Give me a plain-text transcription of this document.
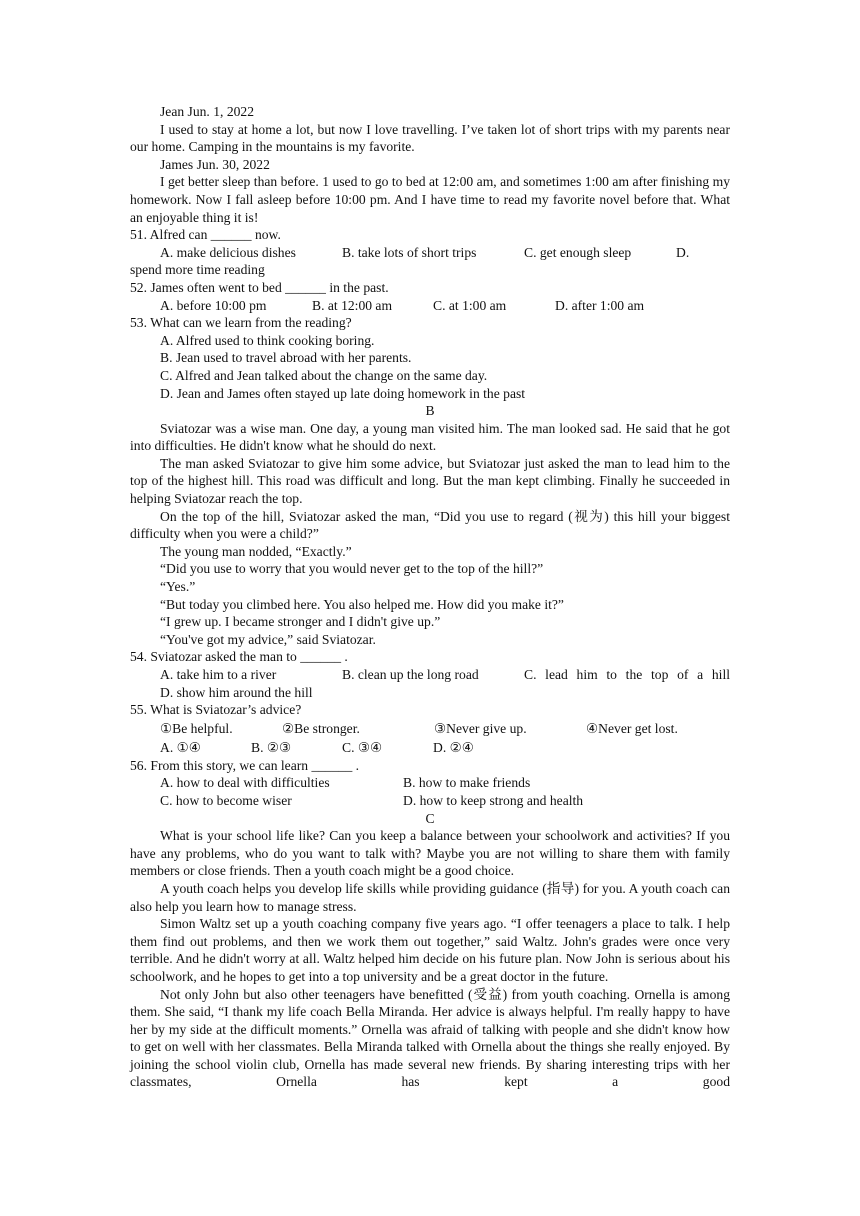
Jean Jun. 1, 2022

I used to stay at home a lot, but now I love travelling. I’ve taken lot of short trips with my parents near our home. Camping in the mountains is my favorite.

James Jun. 30, 2022

I get better sleep than before. 1 used to go to bed at 12:00 am, and sometimes 1:00 am after finishing my homework. Now I fall asleep before 10:00 pm. And I have time to read my favorite novel before that. What an enjoyable thing it is!

51. Alfred can ______ now.

A. make delicious dishes	B. take lots of short trips	C. get enough sleep	D.

spend more time reading

52. James often went to bed ______ in the past.

A. before 10:00 pm	B. at 12:00 am	C. at 1:00 am	D. after 1:00 am

53. What can we learn from the reading?

A. Alfred used to think cooking boring.

B. Jean used to travel abroad with her parents.

C. Alfred and Jean talked about the change on the same day.

D. Jean and James often stayed up late doing homework in the past

B

Sviatozar was a wise man. One day, a young man visited him. The man looked sad. He said that he got into difficulties. He didn't know what he should do next.

The man asked Sviatozar to give him some advice, but Sviatozar just asked the man to lead him to the top of the highest hill. This road was difficult and long. But the man kept climbing. Finally he succeeded in helping Sviatozar reach the top.

On the top of the hill, Sviatozar asked the man, “Did you use to regard (视为) this hill your biggest difficulty when you were a child?”

The young man nodded, “Exactly.”

“Did you use to worry that you would never get to the top of the hill?”

“Yes.”

“But today you climbed here. You also helped me. How did you make it?”

“I grew up. I became stronger and I didn't give up.”

“You've got my advice,” said Sviatozar.

54. Sviatozar asked the man to ______ .

A. take him to a river	B. clean up the long road	C. lead him to the top of a hill

D. show him around the hill

55. What is Sviatozar’s advice?

①Be helpful.	②Be stronger.	③Never give up.	④Never get lost.
A. ①④	B. ②③	C. ③④	D. ②④

56. From this story, we can learn ______ .

A. how to deal with difficulties	B. how to make friends
C. how to become wiser	D. how to keep strong and health

C

What is your school life like? Can you keep a balance between your schoolwork and activities? If you have any problems, who do you want to talk with? Maybe you are not willing to share them with family members or close friends. Then a youth coach might be a good choice.

A youth coach helps you develop life skills while providing guidance (指导) for you. A youth coach can also help you learn how to manage stress.

Simon Waltz set up a youth coaching company five years ago. “I offer teenagers a place to talk. I help them find out problems, and then we work them out together,” said Waltz. John's grades were once very terrible. And he didn't worry at all. Waltz helped him decide on his future plan. Now John is serious about his schoolwork, and he hopes to get into a top university and be a great doctor in the future.

Not only John but also other teenagers have benefitted (受益) from youth coaching. Ornella is among them. She said, “I thank my life coach Bella Miranda. Her advice is always helpful. I'm really happy to have her by my side at the difficult moments.” Ornella was afraid of talking with people and she didn't know how to get on well with her classmates. Bella Miranda talked with Ornella about the things she really enjoyed. By joining the school violin club, Ornella has made several new friends. By sharing interesting trips with her classmates, Ornella has kept a good
